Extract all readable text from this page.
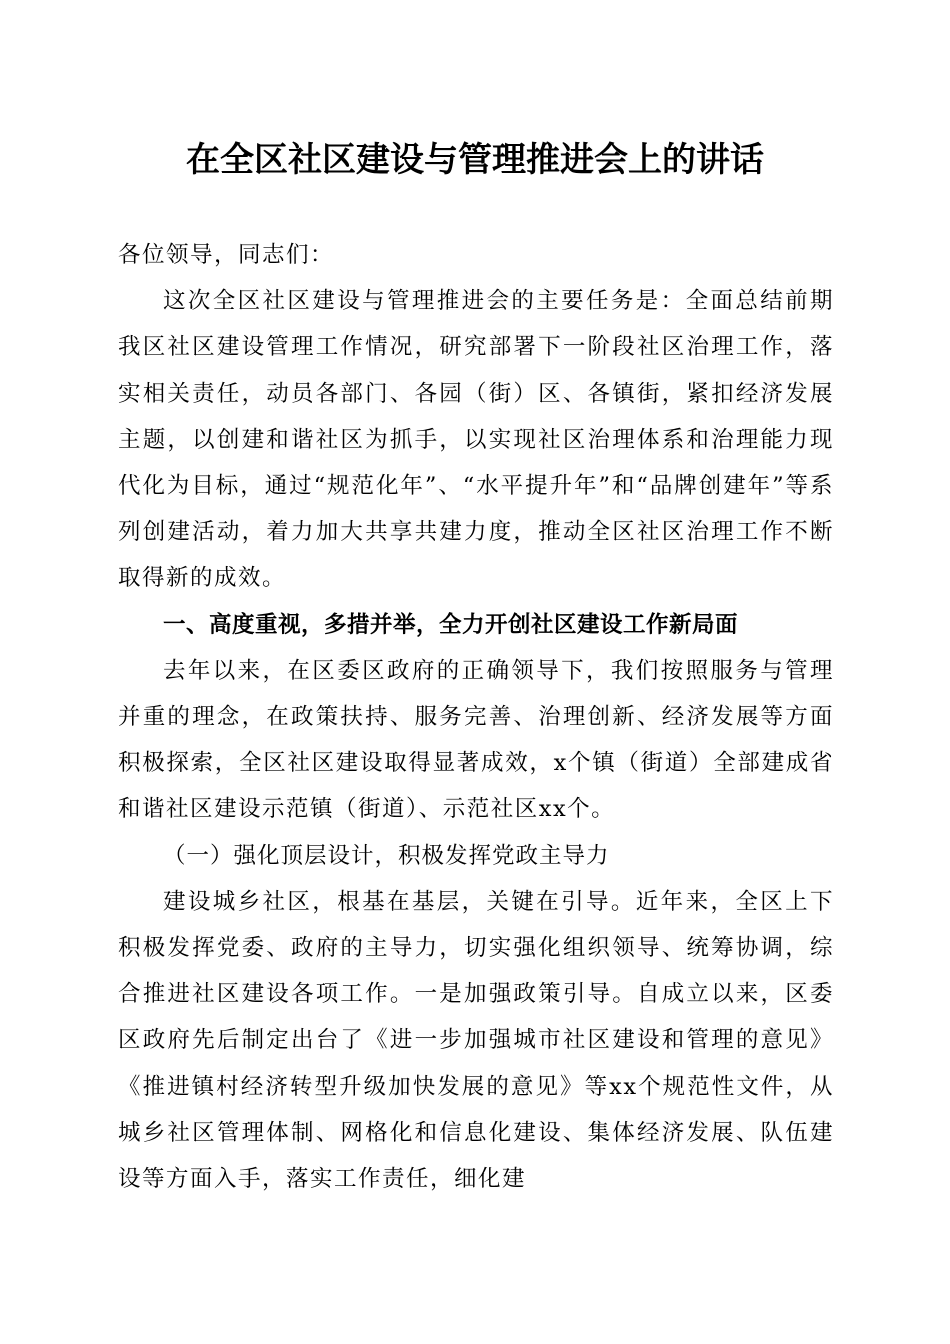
在全区社区建设与管理推进会上的讲话

各位领导，同志们：

这次全区社区建设与管理推进会的主要任务是：全面总结前期我区社区建设管理工作情况，研究部署下一阶段社区治理工作，落实相关责任，动员各部门、各园（街）区、各镇街，紧扣经济发展主题，以创建和谐社区为抓手，以实现社区治理体系和治理能力现代化为目标，通过“规范化年”、“水平提升年”和“品牌创建年”等系列创建活动，着力加大共享共建力度，推动全区社区治理工作不断取得新的成效。

一、高度重视，多措并举，全力开创社区建设工作新局面

去年以来，在区委区政府的正确领导下，我们按照服务与管理并重的理念，在政策扶持、服务完善、治理创新、经济发展等方面积极探索，全区社区建设取得显著成效，x个镇（街道）全部建成省和谐社区建设示范镇（街道）、示范社区xx个。

（一）强化顶层设计，积极发挥党政主导力

建设城乡社区，根基在基层，关键在引导。近年来，全区上下积极发挥党委、政府的主导力，切实强化组织领导、统筹协调，综合推进社区建设各项工作。一是加强政策引导。自成立以来，区委区政府先后制定出台了《进一步加强城市社区建设和管理的意见》《推进镇村经济转型升级加快发展的意见》等xx个规范性文件，从城乡社区管理体制、网格化和信息化建设、集体经济发展、队伍建设等方面入手，落实工作责任，细化建
